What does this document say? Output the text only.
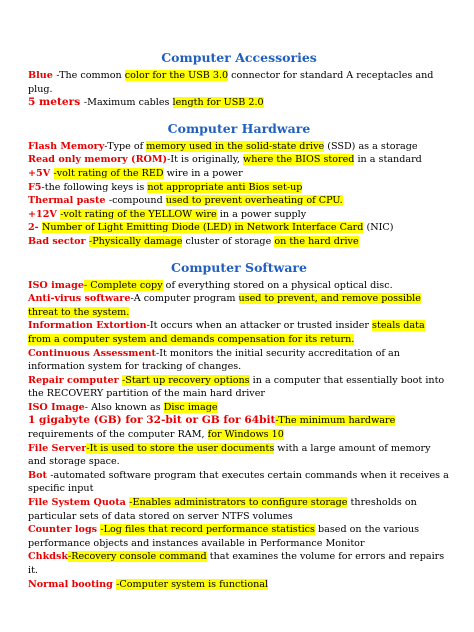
Computer Accessories

Blue -The common color for the USB 3.0 connector for standard A receptacles and plug.

5 meters -Maximum cables length for USB 2.0

Computer Hardware

Flash Memory-Type of memory used in the solid-state drive (SSD) as a storage

Read only memory (ROM)-It is originally, where the BIOS stored in a standard

+5V -volt rating of the RED wire in a power

F5-the following keys is not appropriate anti Bios set-up

Thermal paste -compound used to prevent overheating of CPU.

+12V -volt rating of the YELLOW wire in a power supply

2- Number of Light Emitting Diode (LED) in Network Interface Card (NIC)

Bad sector -Physically damage cluster of storage on the hard drive

Computer Software

ISO image- Complete copy of everything stored on a physical optical disc.

Anti-virus software-A computer program used to prevent, and remove possible threat to the system.

Information Extortion-It occurs when an attacker or trusted insider steals data from a computer system and demands compensation for its return.

Continuous Assessment-It monitors the initial security accreditation of an information system for tracking of changes.

Repair computer -Start up recovery options in a computer that essentially boot into the RECOVERY partition of the main hard driver

ISO Image- Also known as Disc image

1 gigabyte (GB) for 32-bit or GB for 64bit-The minimum hardware requirements of the computer RAM, for Windows 10

File Server-It is used to store the user documents with a large amount of memory and storage space.

Bot -automated software program that executes certain commands when it receives a specific input

File System Quota -Enables administrators to configure storage thresholds on particular sets of data stored on server NTFS volumes

Counter logs -Log files that record performance statistics based on the various performance objects and instances available in Performance Monitor

Chkdsk-Recovery console command that examines the volume for errors and repairs it.

Normal booting -Computer system is functional
